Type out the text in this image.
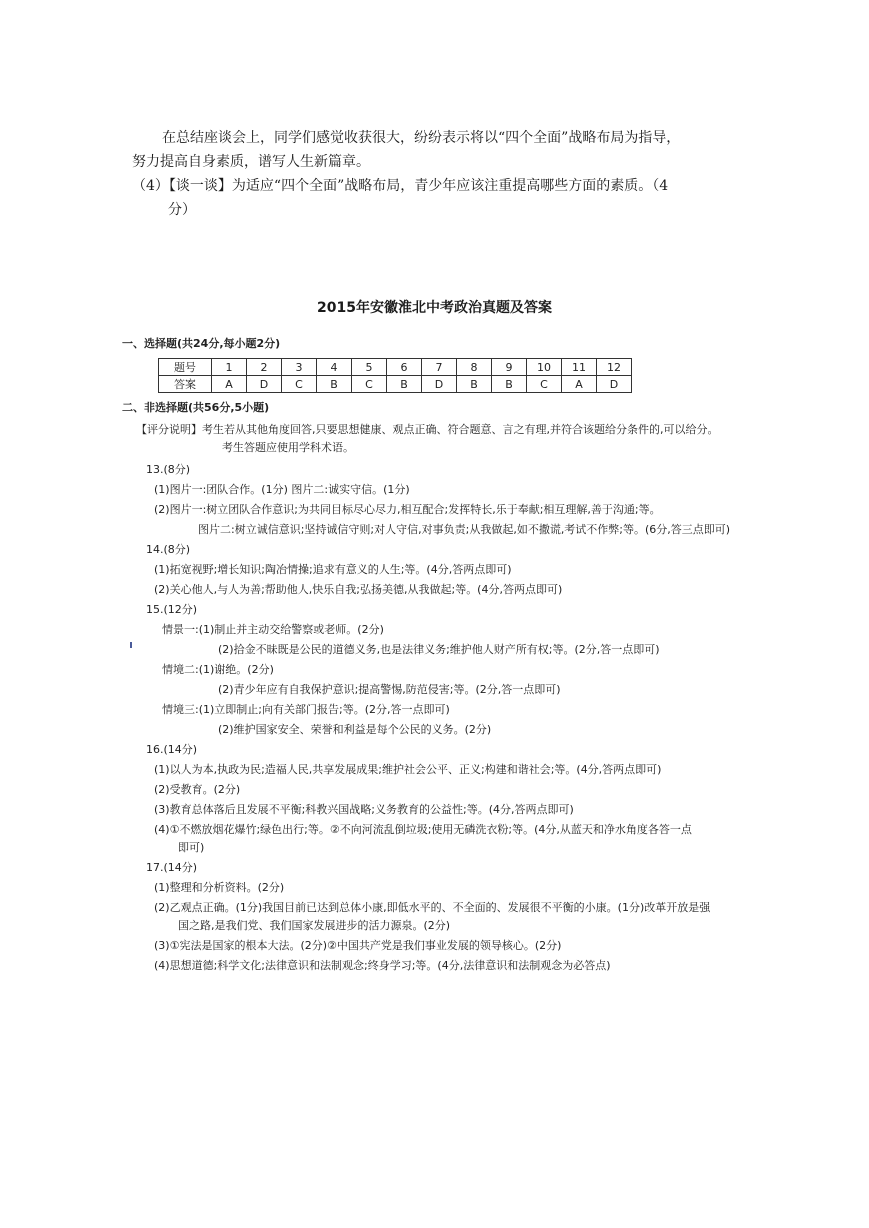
在总结座谈会上，同学们感觉收获很大，纷纷表示将以“四个全面”战略布局为指导，

努力提高自身素质，谱写人生新篇章。

（4）【谈一谈】为适应“四个全面”战略布局，青少年应该注重提高哪些方面的素质。（4

分）

2015年安徽淮北中考政治真题及答案
一、选择题(共24分,每小题2分)
题号	1	2	3	4	5	6	7	8	9	10	11	12
答案	A	D	C	B	C	B	D	B	B	C	A	D
二、非选择题(共56分,5小题)
【评分说明】考生若从其他角度回答,只要思想健康、观点正确、符合题意、言之有理,并符合该题给分条件的,可以给分。
考生答题应使用学科术语。
13.(8分)
(1)图片一:团队合作。(1分) 图片二:诚实守信。(1分)
(2)图片一:树立团队合作意识;为共同目标尽心尽力,相互配合;发挥特长,乐于奉献;相互理解,善于沟通;等。
图片二:树立诚信意识;坚持诚信守则;对人守信,对事负责;从我做起,如不撒谎,考试不作弊;等。(6分,答三点即可)
14.(8分)
(1)拓宽视野;增长知识;陶冶情操;追求有意义的人生;等。(4分,答两点即可)
(2)关心他人,与人为善;帮助他人,快乐自我;弘扬美德,从我做起;等。(4分,答两点即可)
15.(12分)
情景一:(1)制止并主动交给警察或老师。(2分)
(2)拾金不昧既是公民的道德义务,也是法律义务;维护他人财产所有权;等。(2分,答一点即可)
情境二:(1)谢绝。(2分)
(2)青少年应有自我保护意识;提高警惕,防范侵害;等。(2分,答一点即可)
情境三:(1)立即制止;向有关部门报告;等。(2分,答一点即可)
(2)维护国家安全、荣誉和利益是每个公民的义务。(2分)
16.(14分)
(1)以人为本,执政为民;造福人民,共享发展成果;维护社会公平、正义;构建和谐社会;等。(4分,答两点即可)
(2)受教育。(2分)
(3)教育总体落后且发展不平衡;科教兴国战略;义务教育的公益性;等。(4分,答两点即可)
(4)①不燃放烟花爆竹;绿色出行;等。②不向河流乱倒垃圾;使用无磷洗衣粉;等。(4分,从蓝天和净水角度各答一点
即可)
17.(14分)
(1)整理和分析资料。(2分)
(2)乙观点正确。(1分)我国目前已达到总体小康,即低水平的、不全面的、发展很不平衡的小康。(1分)改革开放是强
国之路,是我们党、我们国家发展进步的活力源泉。(2分)
(3)①宪法是国家的根本大法。(2分)②中国共产党是我们事业发展的领导核心。(2分)
(4)思想道德;科学文化;法律意识和法制观念;终身学习;等。(4分,法律意识和法制观念为必答点)
